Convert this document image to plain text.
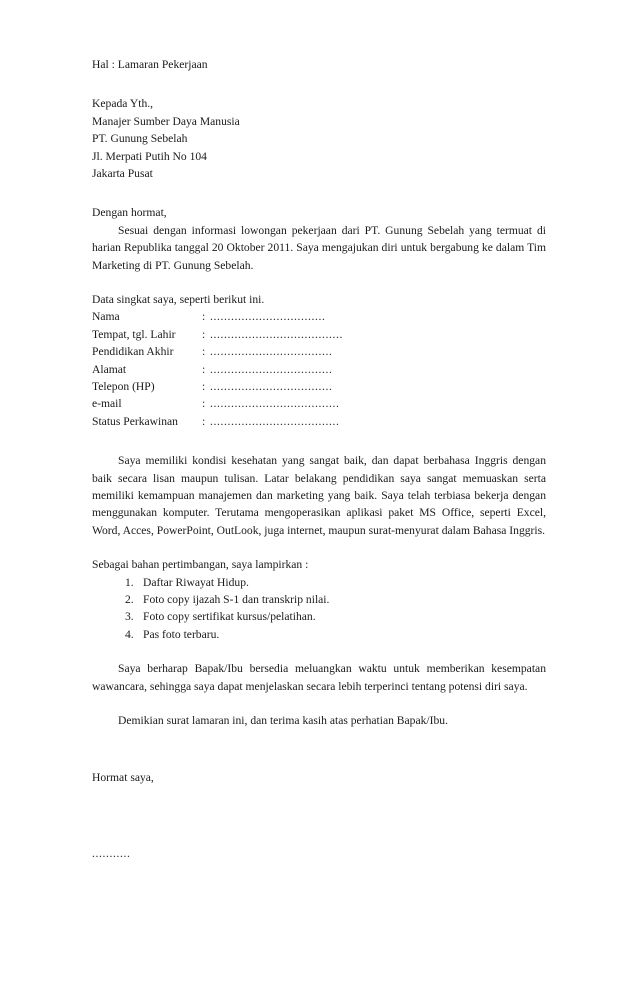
Hal : Lamaran Pekerjaan
Kepada Yth.,
Manajer Sumber Daya Manusia
PT. Gunung Sebelah
Jl. Merpati Putih No 104
Jakarta Pusat
Dengan hormat,

Sesuai dengan informasi lowongan pekerjaan dari PT. Gunung Sebelah yang termuat di harian Republika tanggal 20 Oktober 2011. Saya mengajukan diri untuk bergabung ke dalam Tim Marketing di PT. Gunung Sebelah.

Data singkat saya, seperti berikut ini.
Nama	: .................................
Tempat, tgl. Lahir	: ......................................
Pendidikan Akhir	: ...................................
Alamat	: ...................................
Telepon (HP)	: ...................................
e-mail	: .....................................
Status Perkawinan	: .....................................

Saya memiliki kondisi kesehatan yang sangat baik, dan dapat berbahasa Inggris dengan baik secara lisan maupun tulisan. Latar belakang pendidikan saya sangat memuaskan serta memiliki kemampuan manajemen dan marketing yang baik. Saya telah terbiasa bekerja dengan menggunakan komputer. Terutama mengoperasikan aplikasi paket MS Office, seperti Excel, Word, Acces, PowerPoint, OutLook, juga internet, maupun surat-menyurat dalam Bahasa Inggris.

Sebagai bahan pertimbangan, saya lampirkan :
1. Daftar Riwayat Hidup.
2. Foto copy ijazah S-1 dan transkrip nilai.
3. Foto copy sertifikat kursus/pelatihan.
4. Pas foto terbaru.

Saya berharap Bapak/Ibu bersedia meluangkan waktu untuk memberikan kesempatan wawancara, sehingga saya dapat menjelaskan secara lebih terperinci tentang potensi diri saya.

Demikian surat lamaran ini, dan terima kasih atas perhatian Bapak/Ibu.

Hormat saya,
...........
